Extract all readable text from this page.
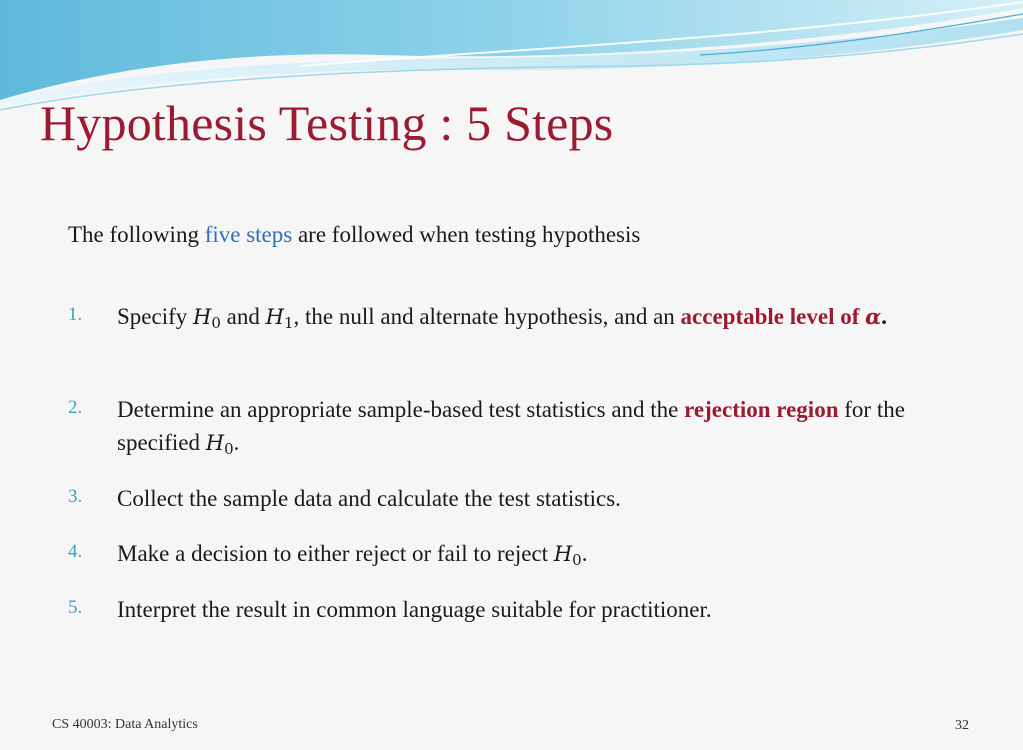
Hypothesis Testing : 5 Steps
The following five steps are followed when testing hypothesis
1. Specify $H_0$ and $H_1$, the null and alternate hypothesis, and an acceptable level of α.
2. Determine an appropriate sample-based test statistics and the rejection region for the specified $H_0$.
3. Collect the sample data and calculate the test statistics.
4. Make a decision to either reject or fail to reject $H_0$.
5. Interpret the result in common language suitable for practitioner.
CS 40003: Data Analytics	32
